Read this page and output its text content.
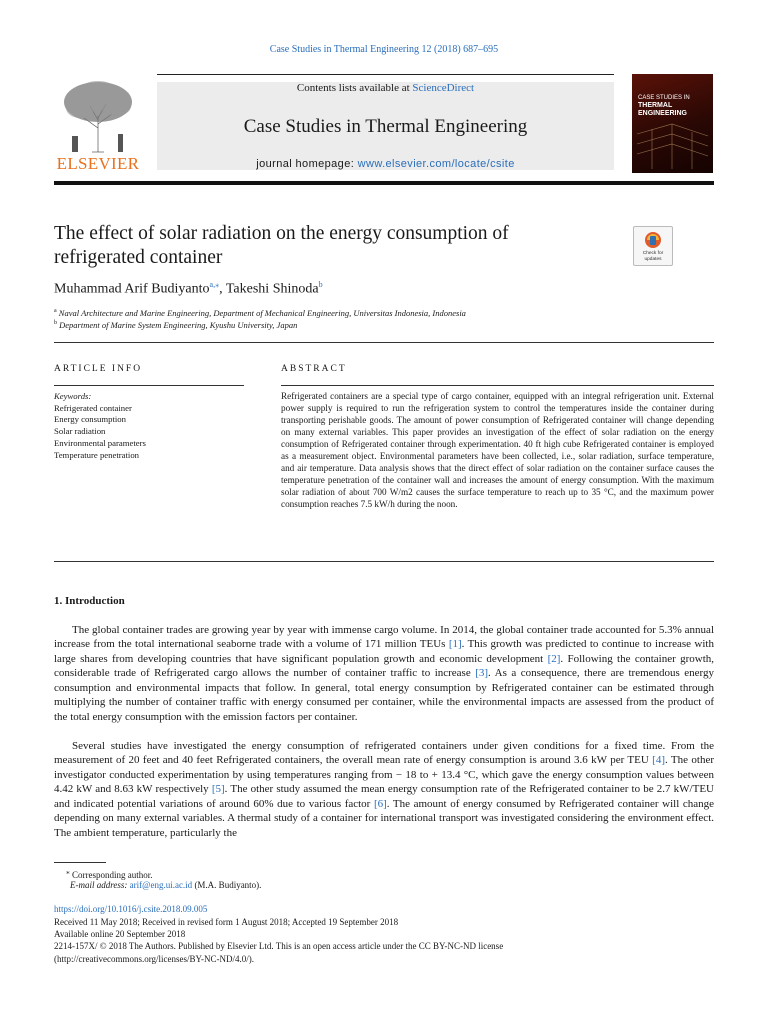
Case Studies in Thermal Engineering 12 (2018) 687–695
ELSEVIER
Contents lists available at ScienceDirect
Case Studies in Thermal Engineering
journal homepage: www.elsevier.com/locate/csite
CASE STUDIES IN
THERMAL
ENGINEERING
The effect of solar radiation on the energy consumption of
refrigerated container	Check for updates
Muhammad Arif Budiyanto$^{a,⁎}$, Takeshi Shinoda$^b$
$^a$ Naval Architecture and Marine Engineering, Department of Mechanical Engineering, Universitas Indonesia, Indonesia
$^b$ Department of Marine System Engineering, Kyushu University, Japan
ARTICLE INFO	ABSTRACT
Keywords:
Refrigerated container
Energy consumption
Solar radiation
Environmental parameters
Temperature penetration
Refrigerated containers are a special type of cargo container, equipped with an integral refrigeration unit. External power supply is required to run the refrigeration system to control the temperatures inside the container during transporting perishable goods. The amount of power consumption of Refrigerated container will change depending on many external variables. This paper provides an investigation of the effect of solar radiation on the energy consumption of Refrigerated container through experimentation. 40 ft high cube Refrigerated container is employed as a measurement object. Environmental parameters have been collected, i.e., solar radiation, surface temperature, and air temperature. Data analysis shows that the direct effect of solar radiation on the container surface causes the temperature penetration of the container wall and increases the amount of energy consumption. With the maximum solar radiation of about 700 W/m2 causes the surface temperature to reach up to 35 °C, and the maximum power consumption reaches 7.5 kW/h during the noon.
1. Introduction
The global container trades are growing year by year with immense cargo volume. In 2014, the global container trade accounted for 5.3% annual increase from the total international seaborne trade with a volume of 171 million TEUs [1]. This growth was predicted to continue to increase with large shares from developing countries that have significant population growth and economic development [2]. Following the container growth, considerable trade of Refrigerated cargo allows the number of container traffic to increase [3]. As a consequence, there are tremendous energy consumption and environmental impacts that follow. In general, total energy consumption by Refrigerated container can be estimated through multiplying the number of container traffic with energy consumed per container, while the environmental impacts are assessed from the product of the total energy consumption with the emission factors per container.
Several studies have investigated the energy consumption of refrigerated containers under given conditions for a fixed time. From the measurement of 20 feet and 40 feet Refrigerated containers, the overall mean rate of energy consumption is around 3.6 kW per TEU [4]. The other investigator conducted experimentation by using temperatures ranging from − 18 to + 13.4 °C, which gave the energy consumption values between 4.42 kW and 8.63 kW respectively [5]. The other study assumed the mean energy consumption rate of the Refrigerated container to be 2.7 kW/TEU and indicated potential variations of around 60% due to various factor [6]. The amount of energy consumed by Refrigerated container will change depending on many external variables. A thermal study of a container for international transport was investigated considering the environment effect. The ambient temperature, particularly the
⁎ Corresponding author.
E-mail address: arif@eng.ui.ac.id (M.A. Budiyanto).
https://doi.org/10.1016/j.csite.2018.09.005
Received 11 May 2018; Received in revised form 1 August 2018; Accepted 19 September 2018
Available online 20 September 2018
2214-157X/ © 2018 The Authors. Published by Elsevier Ltd. This is an open access article under the CC BY-NC-ND license
(http://creativecommons.org/licenses/BY-NC-ND/4.0/).
